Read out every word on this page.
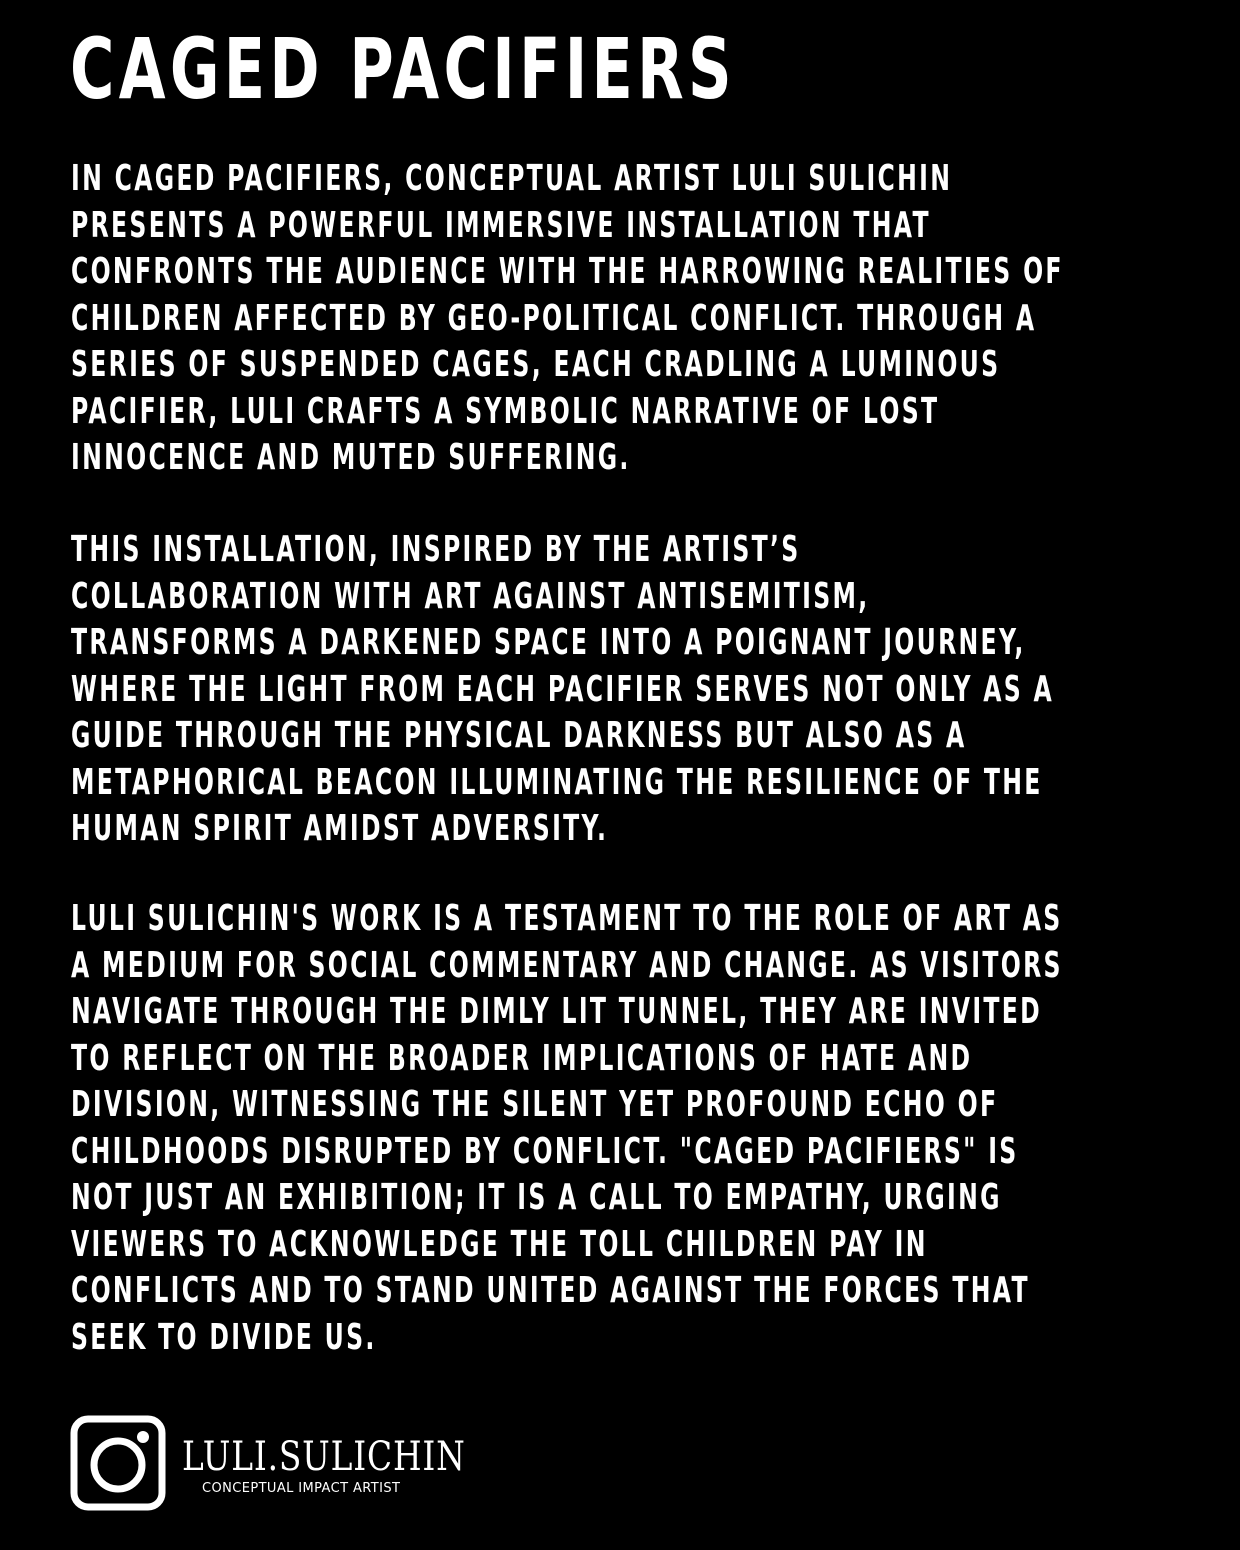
CAGED PACIFIERS

IN CAGED PACIFIERS, CONCEPTUAL ARTIST LULI SULICHIN
PRESENTS A POWERFUL IMMERSIVE INSTALLATION THAT
CONFRONTS THE AUDIENCE WITH THE HARROWING REALITIES OF
CHILDREN AFFECTED BY GEO-POLITICAL CONFLICT. THROUGH A
SERIES OF SUSPENDED CAGES, EACH CRADLING A LUMINOUS
PACIFIER, LULI CRAFTS A SYMBOLIC NARRATIVE OF LOST
INNOCENCE AND MUTED SUFFERING.

THIS INSTALLATION, INSPIRED BY THE ARTIST’S
COLLABORATION WITH ART AGAINST ANTISEMITISM,
TRANSFORMS A DARKENED SPACE INTO A POIGNANT JOURNEY,
WHERE THE LIGHT FROM EACH PACIFIER SERVES NOT ONLY AS A
GUIDE THROUGH THE PHYSICAL DARKNESS BUT ALSO AS A
METAPHORICAL BEACON ILLUMINATING THE RESILIENCE OF THE
HUMAN SPIRIT AMIDST ADVERSITY.

LULI SULICHIN'S WORK IS A TESTAMENT TO THE ROLE OF ART AS
A MEDIUM FOR SOCIAL COMMENTARY AND CHANGE. AS VISITORS
NAVIGATE THROUGH THE DIMLY LIT TUNNEL, THEY ARE INVITED
TO REFLECT ON THE BROADER IMPLICATIONS OF HATE AND
DIVISION, WITNESSING THE SILENT YET PROFOUND ECHO OF
CHILDHOODS DISRUPTED BY CONFLICT. "CAGED PACIFIERS" IS
NOT JUST AN EXHIBITION; IT IS A CALL TO EMPATHY, URGING
VIEWERS TO ACKNOWLEDGE THE TOLL CHILDREN PAY IN
CONFLICTS AND TO STAND UNITED AGAINST THE FORCES THAT
SEEK TO DIVIDE US.

LULI.SULICHIN
CONCEPTUAL IMPACT ARTIST
